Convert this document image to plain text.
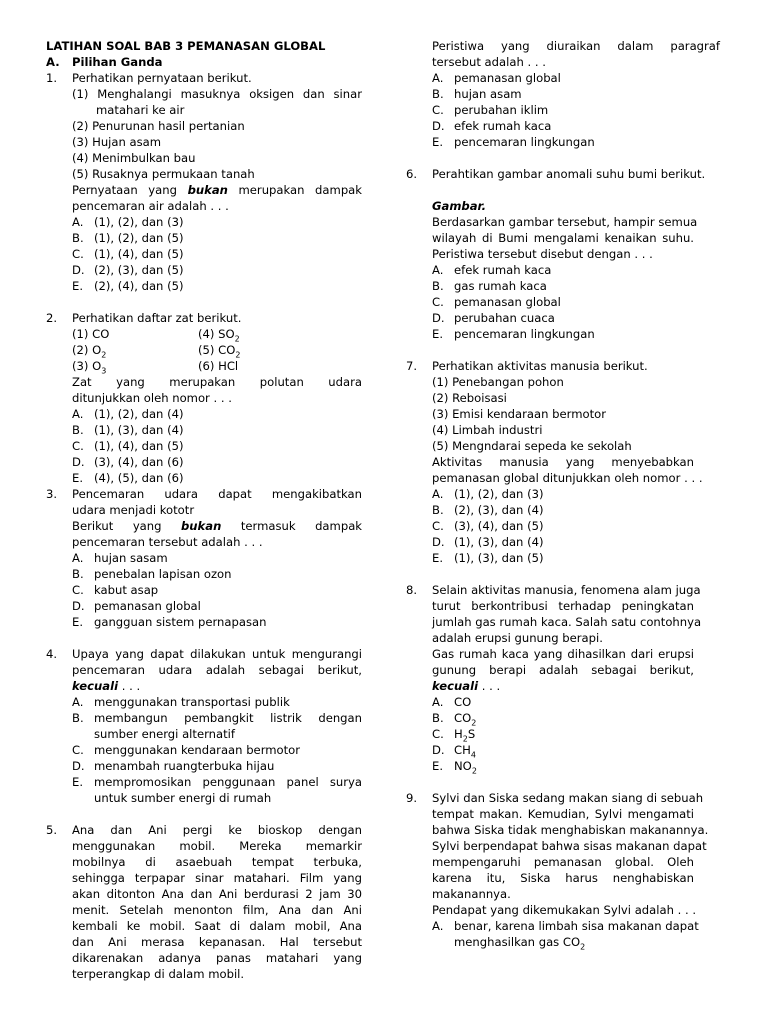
LATIHAN SOAL BAB 3 PEMANASAN GLOBAL
A. Pilihan Ganda
1. Perhatikan pernyataan berikut.
(1) Menghalangi masuknya oksigen dan sinar
matahari ke air
(2) Penurunan hasil pertanian
(3) Hujan asam
(4) Menimbulkan bau
(5) Rusaknya permukaan tanah
Pernyataan yang bukan merupakan dampak
pencemaran air adalah . . .
A. (1), (2), dan (3)
B. (1), (2), dan (5)
C. (1), (4), dan (5)
D. (2), (3), dan (5)
E. (2), (4), dan (5)
2. Perhatikan daftar zat berikut.
(1) CO	(4) $SO_2$
(2) $O_2$	(5) $CO_2$
(3) $O_3$	(6) HCl
Zat yang merupakan polutan udara
ditunjukkan oleh nomor . . .
A. (1), (2), dan (4)
B. (1), (3), dan (4)
C. (1), (4), dan (5)
D. (3), (4), dan (6)
E. (4), (5), dan (6)
3. Pencemaran udara dapat mengakibatkan
udara menjadi kototr
Berikut yang bukan termasuk dampak
pencemaran tersebut adalah . . .
A. hujan sasam
B. penebalan lapisan ozon
C. kabut asap
D. pemanasan global
E. gangguan sistem pernapasan
4. Upaya yang dapat dilakukan untuk mengurangi
pencemaran udara adalah sebagai berikut,
kecuali . . .
A. menggunakan transportasi publik
B. membangun pembangkit listrik dengan
sumber energi alternatif
C. menggunakan kendaraan bermotor
D. menambah ruangterbuka hijau
E. mempromosikan penggunaan panel surya
untuk sumber energi di rumah
5. Ana dan Ani pergi ke bioskop dengan
menggunakan mobil. Mereka memarkir
mobilnya di asaebuah tempat terbuka,
sehingga terpapar sinar matahari. Film yang
akan ditonton Ana dan Ani berdurasi 2 jam 30
menit. Setelah menonton film, Ana dan Ani
kembali ke mobil. Saat di dalam mobil, Ana
dan Ani merasa kepanasan. Hal tersebut
dikarenakan adanya panas matahari yang
terperangkap di dalam mobil.
Peristiwa yang diuraikan dalam paragraf
tersebut adalah . . .
A. pemanasan global
B. hujan asam
C. perubahan iklim
D. efek rumah kaca
E. pencemaran lingkungan
6. Perahtikan gambar anomali suhu bumi berikut.
Gambar.
Berdasarkan gambar tersebut, hampir semua
wilayah di Bumi mengalami kenaikan suhu.
Peristiwa tersebut disebut dengan . . .
A. efek rumah kaca
B. gas rumah kaca
C. pemanasan global
D. perubahan cuaca
E. pencemaran lingkungan
7. Perhatikan aktivitas manusia berikut.
(1) Penebangan pohon
(2) Reboisasi
(3) Emisi kendaraan bermotor
(4) Limbah industri
(5) Mengndarai sepeda ke sekolah
Aktivitas manusia yang menyebabkan
pemanasan global ditunjukkan oleh nomor . . .
A. (1), (2), dan (3)
B. (2), (3), dan (4)
C. (3), (4), dan (5)
D. (1), (3), dan (4)
E. (1), (3), dan (5)
8. Selain aktivitas manusia, fenomena alam juga
turut berkontribusi terhadap peningkatan
jumlah gas rumah kaca. Salah satu contohnya
adalah erupsi gunung berapi.
Gas rumah kaca yang dihasilkan dari erupsi
gunung berapi adalah sebagai berikut,
kecuali . . .
A. CO
B. $CO_2$
C. $H_2S$
D. $CH_4$
E. $NO_2$
9. Sylvi dan Siska sedang makan siang di sebuah
tempat makan. Kemudian, Sylvi mengamati
bahwa Siska tidak menghabiskan makanannya.
Sylvi berpendapat bahwa sisas makanan dapat
mempengaruhi pemanasan global. Oleh
karena itu, Siska harus nenghabiskan
makanannya.
Pendapat yang dikemukakan Sylvi adalah . . .
A. benar, karena limbah sisa makanan dapat
menghasilkan gas $CO_2$
